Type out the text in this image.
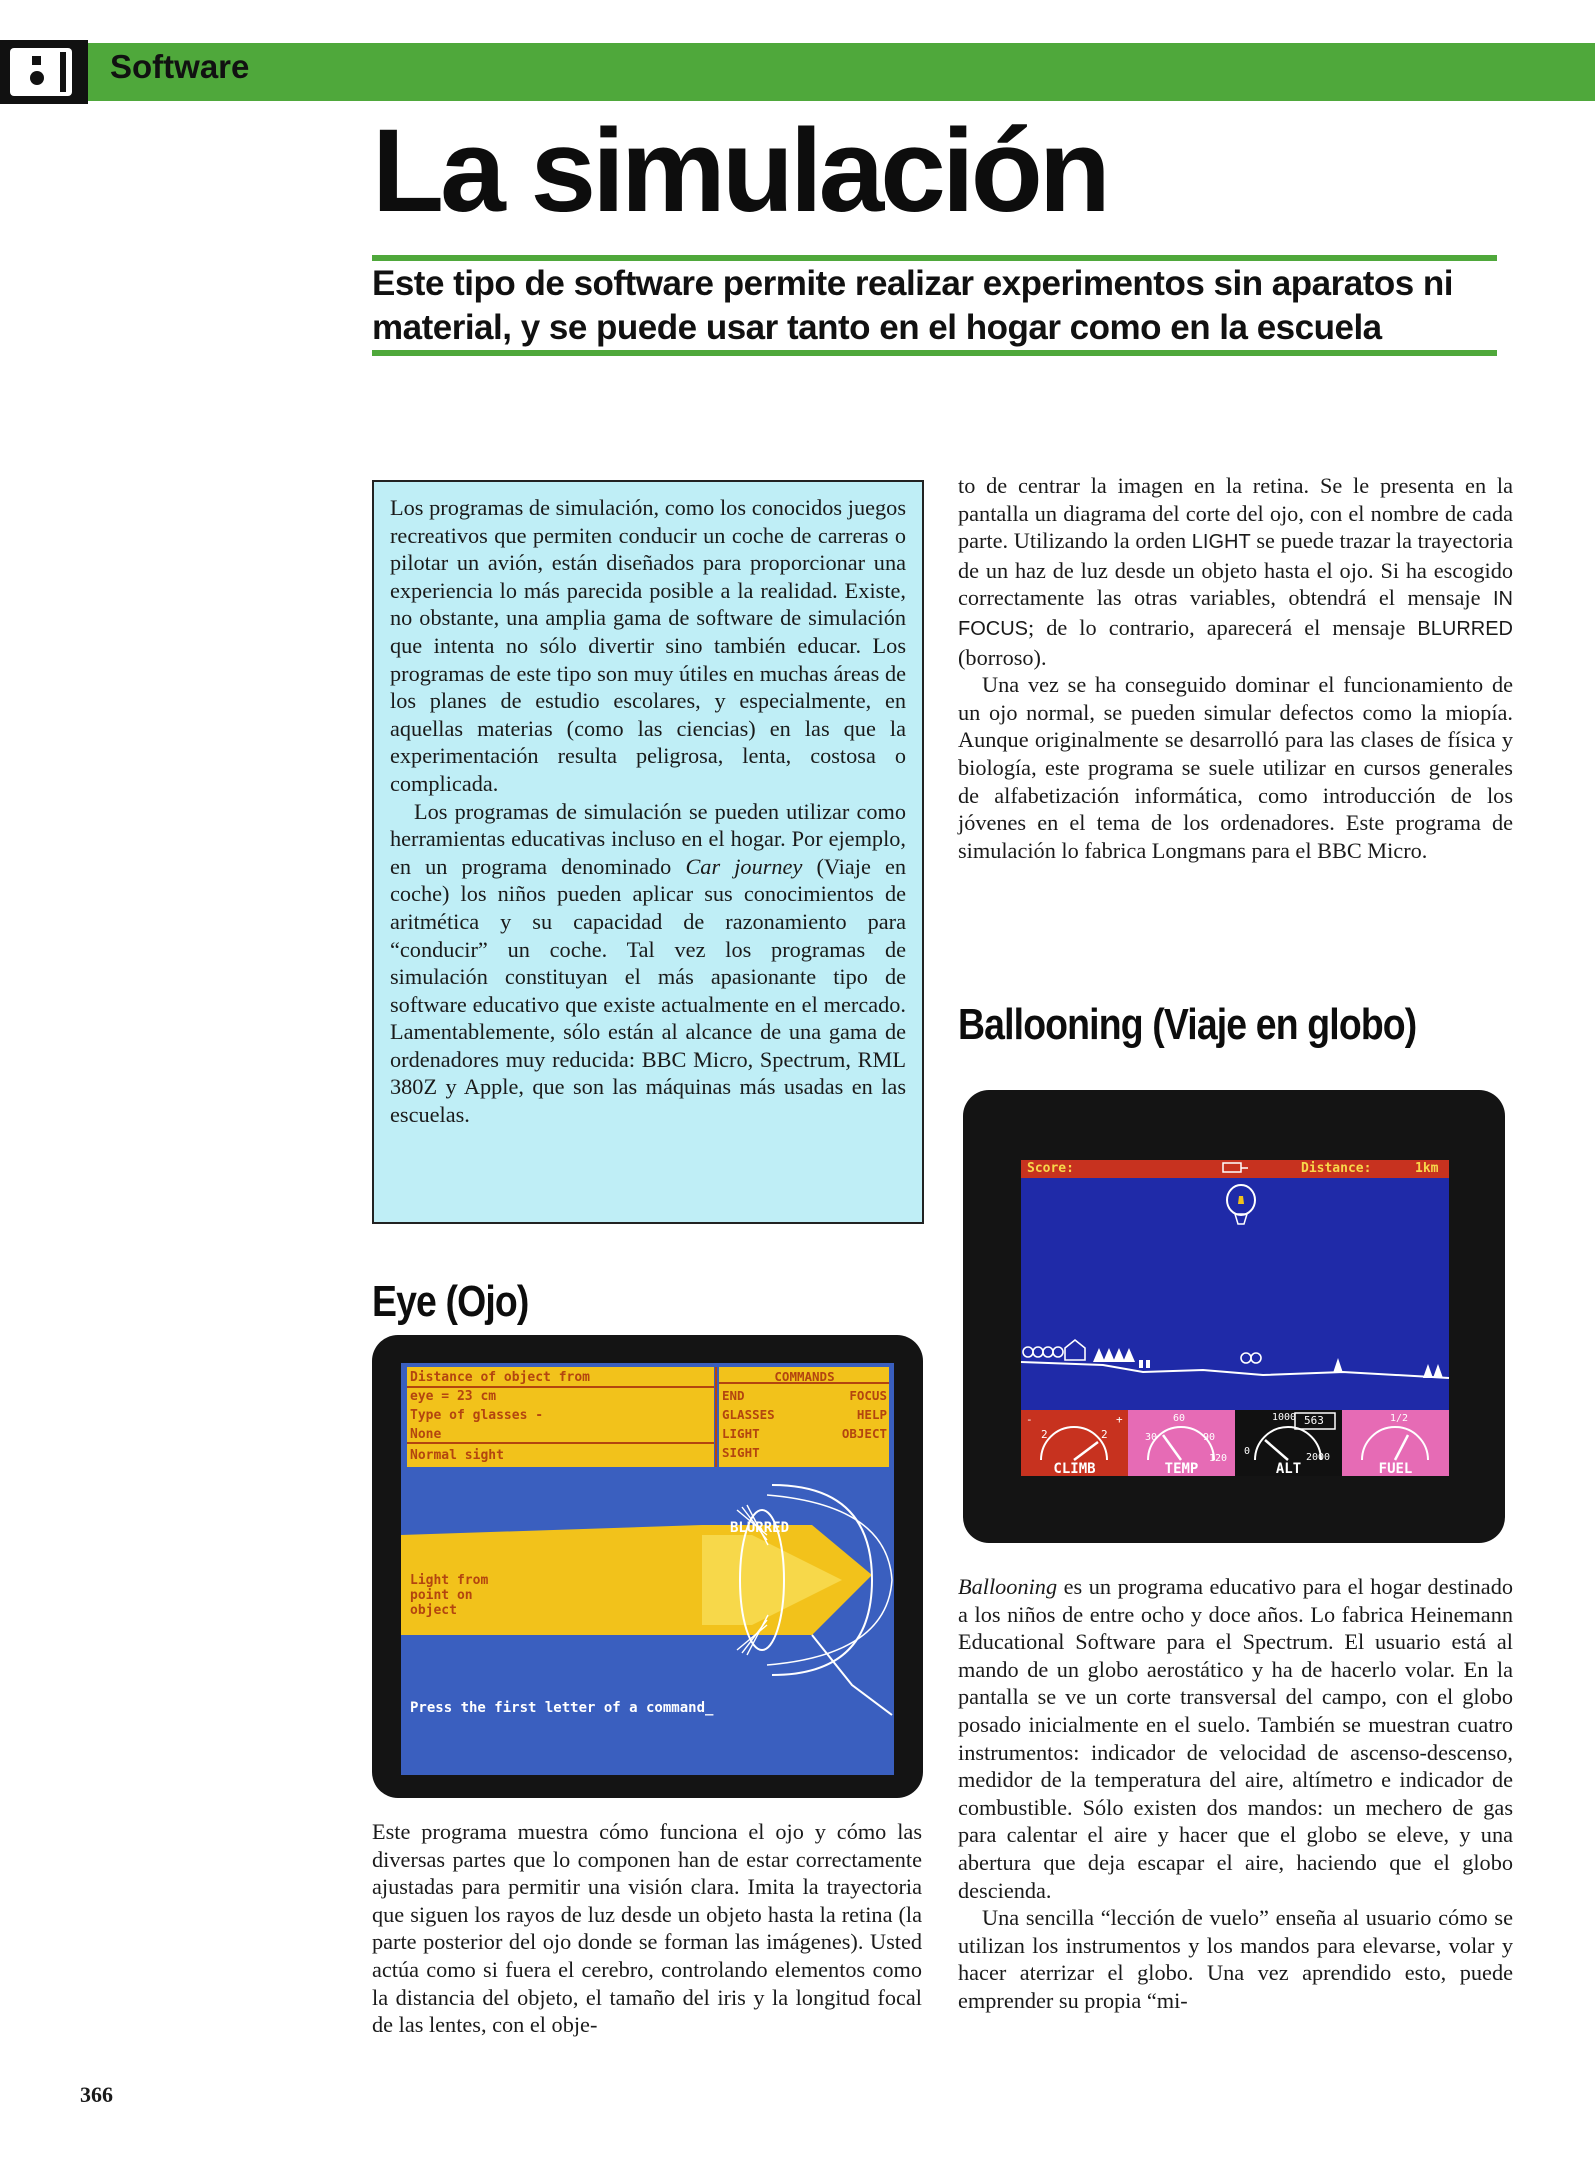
Software
La simulación
Este tipo de software permite realizar experimentos sin aparatos ni material, y se puede usar tanto en el hogar como en la escuela

Los programas de simulación, como los conocidos juegos recreativos que permiten conducir un coche de carreras o pilotar un avión, están diseñados para proporcionar una experiencia lo más parecida posible a la realidad. Existe, no obstante, una amplia gama de software de simulación que intenta no sólo divertir sino también educar. Los programas de este tipo son muy útiles en muchas áreas de los planes de estudio escolares, y especialmente, en aquellas materias (como las ciencias) en las que la experimentación resulta peligrosa, lenta, costosa o complicada.

Los programas de simulación se pueden utilizar como herramientas educativas incluso en el hogar. Por ejemplo, en un programa denominado Car journey (Viaje en coche) los niños pueden aplicar sus conocimientos de aritmética y su capacidad de razonamiento para “conducir” un coche. Tal vez los programas de simulación constituyan el más apasionante tipo de software educativo que existe actualmente en el mercado. Lamentablemente, sólo están al alcance de una gama de ordenadores muy reducida: BBC Micro, Spectrum, RML 380Z y Apple, que son las máquinas más usadas en las escuelas.

Eye (Ojo)
Distance of object from
eye = 23 cm
Type of glasses -
None
Normal sight
COMMANDS
END	FOCUS
GLASSES	HELP
LIGHT	OBJECT
SIGHT
BLURRED
Light from
point on
object
Press the first letter of a command_
Este programa muestra cómo funciona el ojo y cómo las diversas partes que lo componen han de estar correctamente ajustadas para permitir una visión clara. Imita la trayectoria que siguen los rayos de luz desde un objeto hasta la retina (la parte posterior del ojo donde se forman las imágenes). Usted actúa como si fuera el cerebro, controlando elementos como la distancia del objeto, el tamaño del iris y la longitud focal de las lentes, con el obje-

to de centrar la imagen en la retina. Se le presenta en la pantalla un diagrama del corte del ojo, con el nombre de cada parte. Utilizando la orden LIGHT se puede trazar la trayectoria de un haz de luz desde un objeto hasta el ojo. Si ha escogido correctamente las otras variables, obtendrá el mensaje IN FOCUS; de lo contrario, aparecerá el mensaje BLURRED (borroso).

Una vez se ha conseguido dominar el funcionamiento de un ojo normal, se pueden simular defectos como la miopía. Aunque originalmente se desarrolló para las clases de física y biología, este programa se suele utilizar en cursos generales de alfabetización informática, como introducción de los jóvenes en el tema de los ordenadores. Este programa de simulación lo fabrica Longmans para el BBC Micro.

Ballooning (Viaje en globo)
Score:	Distance:	1km
-	+
2	2	30
60
90
120
1000
0
2000
563	1/2
CLIMB	TEMP	ALT	FUEL

Ballooning es un programa educativo para el hogar destinado a los niños de entre ocho y doce años. Lo fabrica Heinemann Educational Software para el Spectrum. El usuario está al mando de un globo aerostático y ha de hacerlo volar. En la pantalla se ve un corte transversal del campo, con el globo posado inicialmente en el suelo. También se muestran cuatro instrumentos: indicador de velocidad de ascenso-descenso, medidor de la temperatura del aire, altímetro e indicador de combustible. Sólo existen dos mandos: un mechero de gas para calentar el aire y hacer que el globo se eleve, y una abertura que deja escapar el aire, haciendo que el globo descienda.

Una sencilla “lección de vuelo” enseña al usuario cómo se utilizan los instrumentos y los mandos para elevarse, volar y hacer aterrizar el globo. Una vez aprendido esto, puede emprender su propia “mi-

366
